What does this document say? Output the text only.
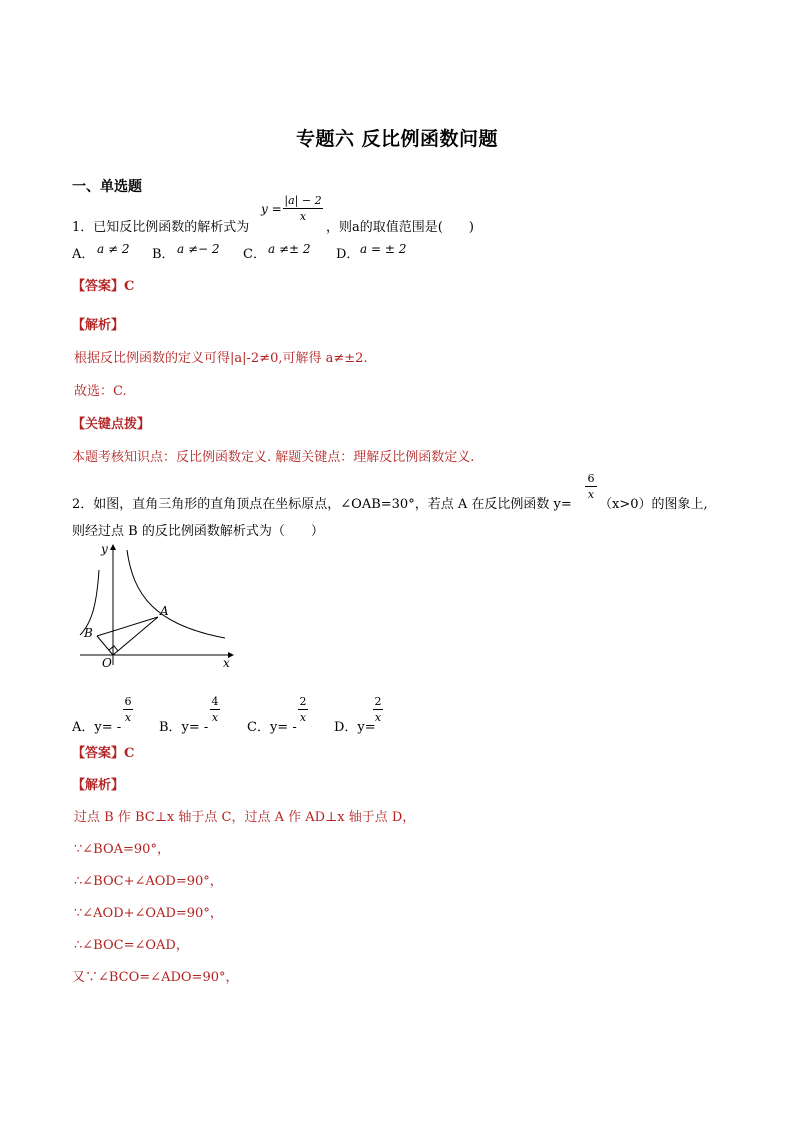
专题六 反比例函数问题
一、单选题
1．已知反比例函数的解析式为
y =
|a| − 2
x
，则a的取值范围是(　　)
A． a ≠ 2 B． a ≠− 2 C． a ≠± 2 D． a = ± 2
【答案】C
【解析】
根据反比例函数的定义可得|a|-2≠0,可解得 a≠±2.
故选：C.
【关键点拨】
本题考核知识点：反比例函数定义. 解题关键点：理解反比例函数定义.
2．如图，直角三角形的直角顶点在坐标原点，∠OAB=30°，若点 A 在反比例函数 y=
6
x
（x>0）的图象上,
则经过点 B 的反比例函数解析式为（　　）
y
x
O
A
B
A．y= -
6
x
B．y= -
4
x
C．y= -
2
x
D．y=
2
x
【答案】C
【解析】
过点 B 作 BC⊥x 轴于点 C，过点 A 作 AD⊥x 轴于点 D，
∵∠BOA=90°，
∴∠BOC+∠AOD=90°，
∵∠AOD+∠OAD=90°，
∴∠BOC=∠OAD，
又∵∠BCO=∠ADO=90°，
